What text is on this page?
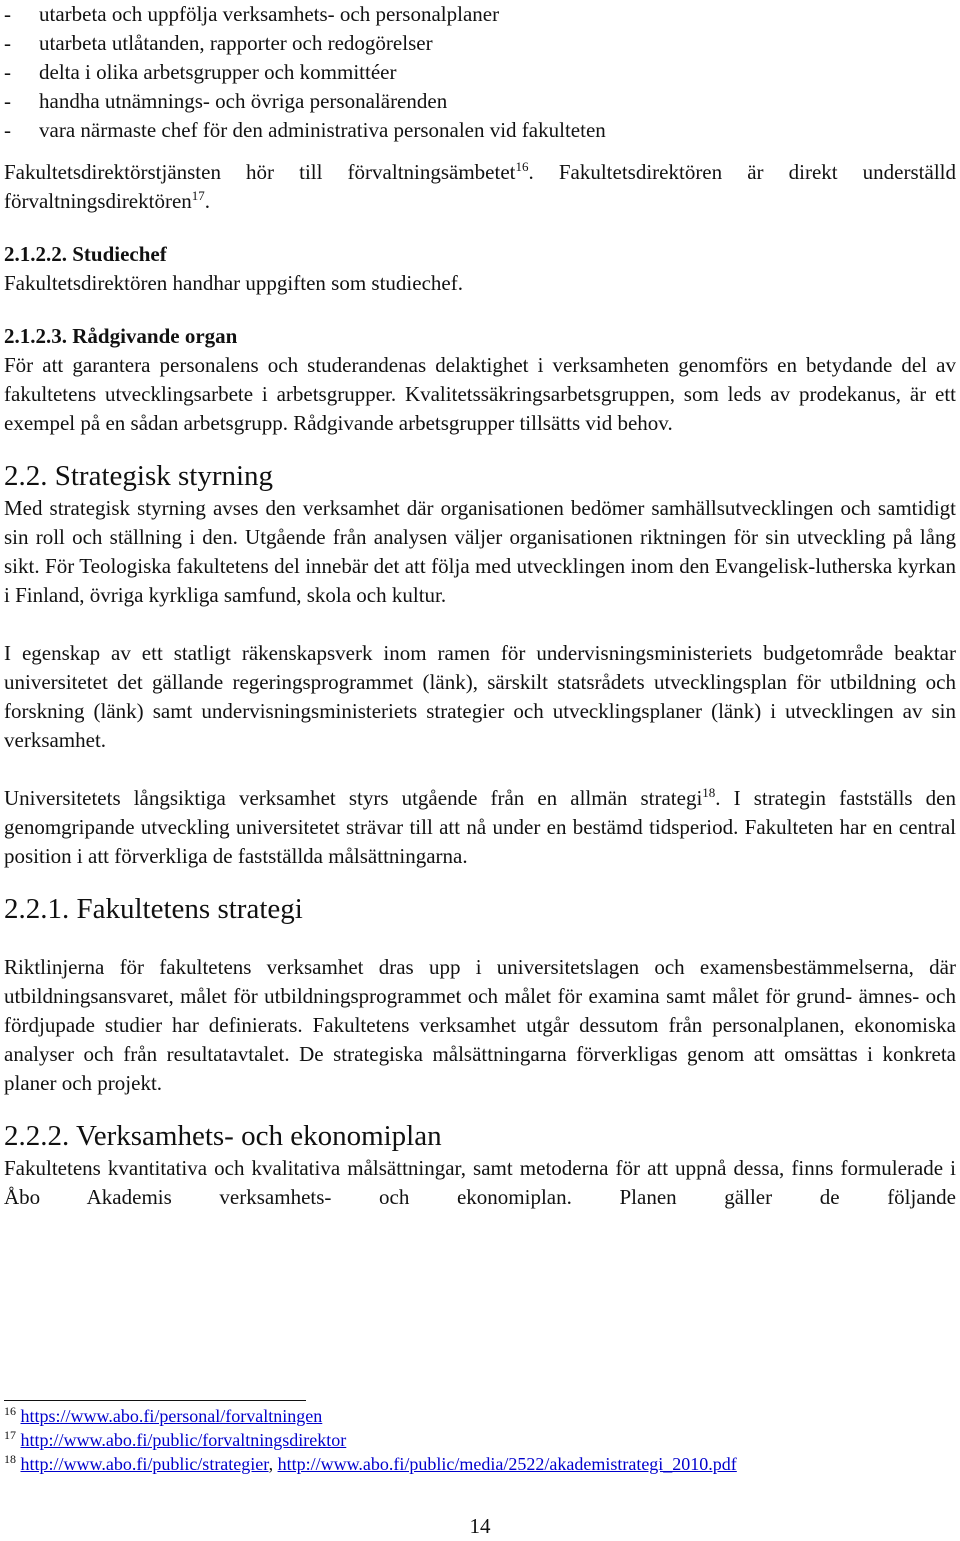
-	utarbeta och uppföljа verksamhets- och personalplaner
-	utarbeta utlåtanden, rapporter och redogörelser
-	delta i olika arbetsgrupper och kommittéer
-	handha utnämnings- och övriga personalärenden
-	vara närmaste chef för den administrativa personalen vid fakulteten

Fakultetsdirektörstjänsten hör till förvaltningsämbetet$^{16}$. Fakultetsdirektören är direkt underställd förvaltningsdirektören$^{17}$.

2.1.2.2. Studiechef

Fakultetsdirektören handhar uppgiften som studiechef.

2.1.2.3. Rådgivande organ

För att garantera personalens och studerandenas delaktighet i verksamheten genomförs en betydande del av fakultetens utvecklingsarbete i arbetsgrupper. Kvalitetssäkringsarbetsgruppen, som leds av prodekanus, är ett exempel på en sådan arbetsgrupp. Rådgivande arbetsgrupper tillsätts vid behov.

2.2. Strategisk styrning

Med strategisk styrning avses den verksamhet där organisationen bedömer samhällsutvecklingen och samtidigt sin roll och ställning i den. Utgående från analysen väljer organisationen riktningen för sin utveckling på lång sikt. För Teologiska fakultetens del innebär det att följa med utvecklingen inom den Evangelisk-lutherska kyrkan i Finland, övriga kyrkliga samfund, skola och kultur.

I egenskap av ett statligt räkenskapsverk inom ramen för undervisningsministeriets budgetområde beaktar universitetet det gällande regeringsprogrammet (länk), särskilt statsrådets utvecklingsplan för utbildning och forskning (länk) samt undervisningsministeriets strategier och utvecklingsplaner (länk) i utvecklingen av sin verksamhet.

Universitetets långsiktiga verksamhet styrs utgående från en allmän strategi$^{18}$. I strategin fastställs den genomgripande utveckling universitetet strävar till att nå under en bestämd tidsperiod. Fakulteten har en central position i att förverkliga de fastställda målsättningarna.

2.2.1. Fakultetens strategi

Riktlinjerna för fakultetens verksamhet dras upp i universitetslagen och examensbestämmelserna, där utbildningsansvaret, målet för utbildningsprogrammet och målet för examina samt målet för grund- ämnes- och fördjupade studier har definierats. Fakultetens verksamhet utgår dessutom från personalplanen, ekonomiska analyser och från resultatavtalet. De strategiska målsättningarna förverkligas genom att omsättas i konkreta planer och projekt.

2.2.2. Verksamhets- och ekonomiplan

Fakultetens kvantitativa och kvalitativa målsättningar, samt metoderna för att uppnå dessa, finns formulerade i Åbo Akademis verksamhets- och ekonomiplan. Planen gäller de följande

$^{16}$ https://www.abo.fi/personal/forvaltningen
$^{17}$ http://www.abo.fi/public/forvaltningsdirektor
$^{18}$ http://www.abo.fi/public/strategier, http://www.abo.fi/public/media/2522/akademistrategi_2010.pdf
14
